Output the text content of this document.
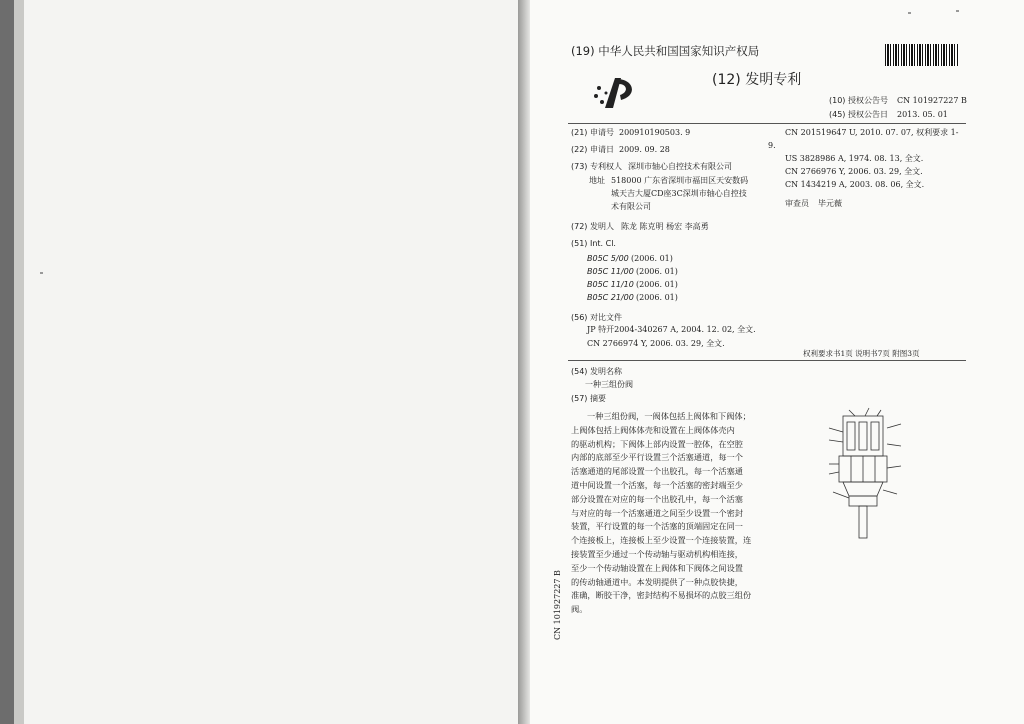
(19) 中华人民共和国国家知识产权局
(12) 发明专利
(10) 授权公告号 CN 101927227 B
(45) 授权公告日 2013. 05. 01
(21) 申请号 200910190503. 9
(22) 申请日 2009. 09. 28
(73) 专利权人 深圳市轴心自控技术有限公司
地址 518000 广东省深圳市福田区天安数码
城天吉大厦CD座3C深圳市轴心自控技
术有限公司
(72) 发明人 陈龙 陈克明 杨宏 李高勇
(51) Int. Cl.
B05C 5/00 (2006. 01)
B05C 11/00 (2006. 01)
B05C 11/10 (2006. 01)
B05C 21/00 (2006. 01)
(56) 对比文件
JP 特开2004-340267 A, 2004. 12. 02, 全文.
CN 2766974 Y, 2006. 03. 29, 全文.
CN 201519647 U, 2010. 07. 07, 权利要求 1-
9.
US 3828986 A, 1974. 08. 13, 全文.
CN 2766976 Y, 2006. 03. 29, 全文.
CN 1434219 A, 2003. 08. 06, 全文.
审查员 毕元薇
权利要求书1页 说明书7页 附图3页
(54) 发明名称
一种三组份阀
(57) 摘要
一种三组份阀，一阀体包括上阀体和下阀体；
上阀体包括上阀体体壳和设置在上阀体体壳内
的驱动机构；下阀体上部内设置一腔体，在空腔
内部的底部至少平行设置三个活塞通道，每一个
活塞通道的尾部设置一个出胶孔，每一个活塞通
道中间设置一个活塞，每一个活塞的密封端至少
部分设置在对应的每一个出胶孔中，每一个活塞
与对应的每一个活塞通道之间至少设置一个密封
装置，平行设置的每一个活塞的顶端固定在同一
个连接板上，连接板上至少设置一个连接装置，连
接装置至少通过一个传动轴与驱动机构相连接，
至少一个传动轴设置在上阀体和下阀体之间设置
的传动轴通道中。本发明提供了一种点胶快捷，
准确，断胶干净，密封结构不易损坏的点胶三组份
阀。
CN 101927227 B
